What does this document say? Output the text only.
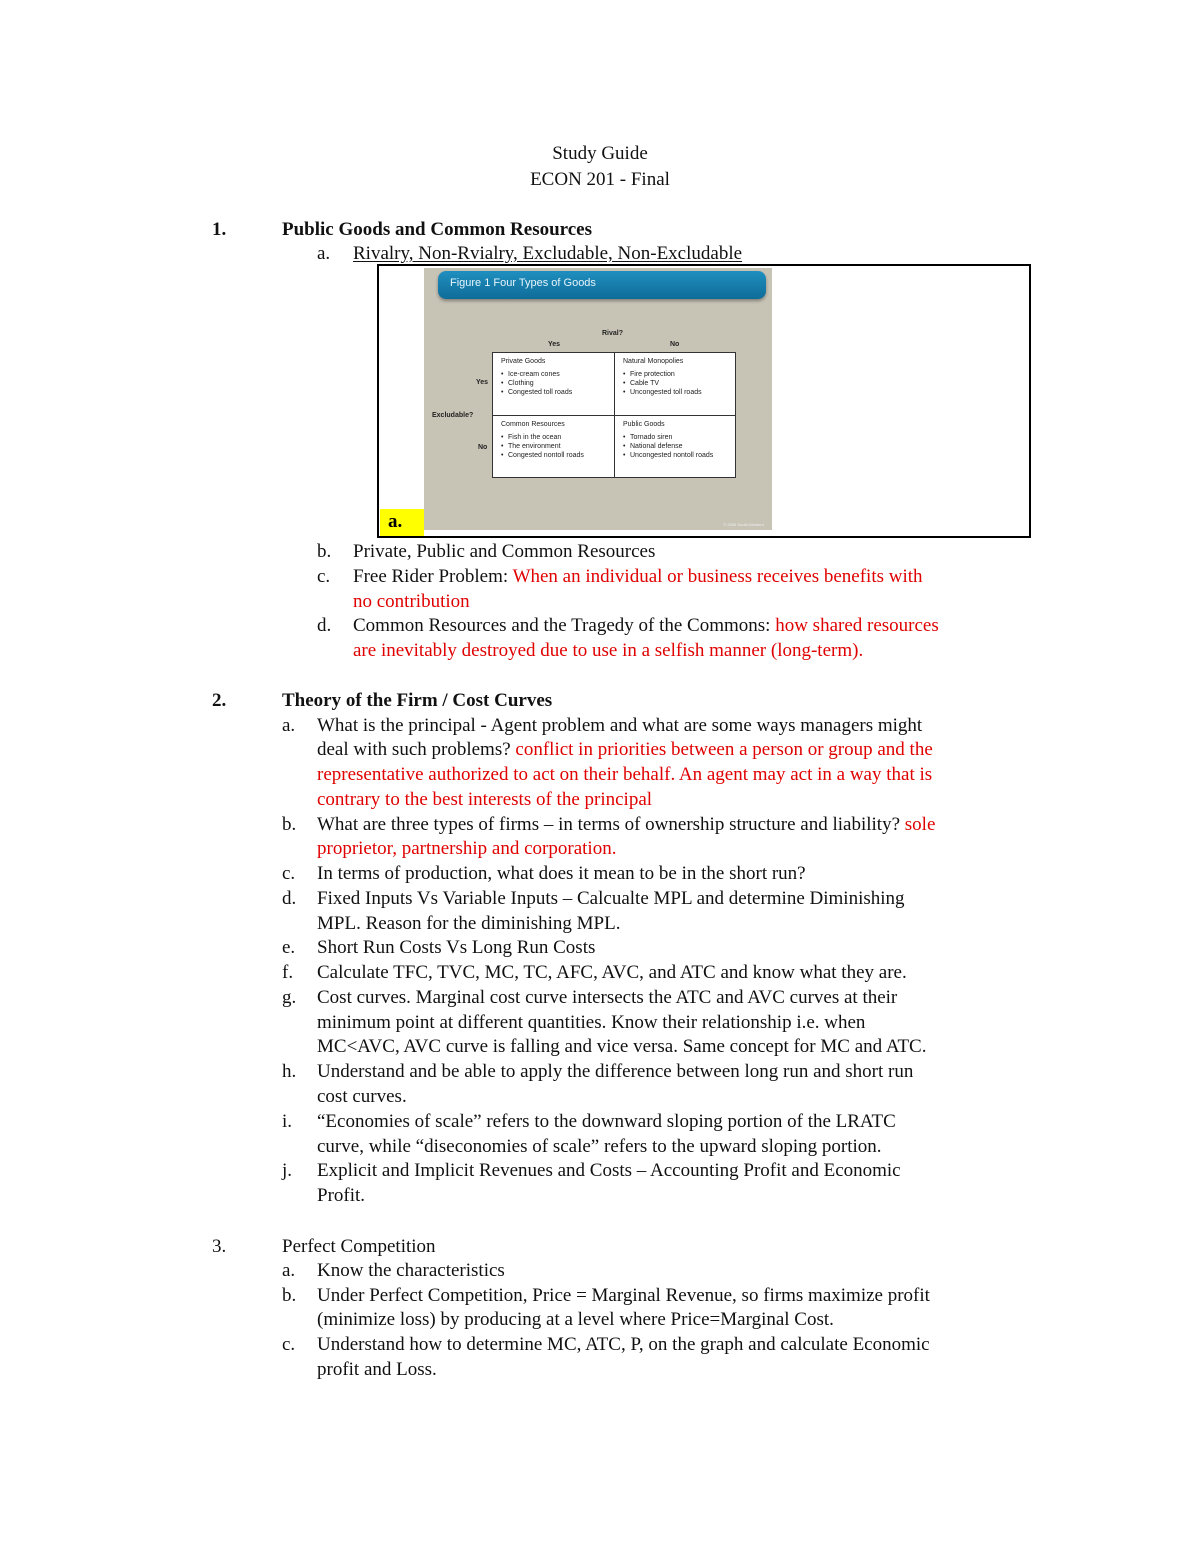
Study Guide
ECON 201 - Final
1.	Public Goods and Common Resources
a. Rivalry, Non-Rvialry, Excludable, Non-Excludable
Figure 1 Four Types of Goods
Rival?
Yes	No
Excludable?
Yes
No
Private Goods
• Ice-cream cones
• Clothing
• Congested toll roads
Natural Monopolies
• Fire protection
• Cable TV
• Uncongested toll roads
Common Resources
• Fish in the ocean
• The environment
• Congested nontoll roads
Public Goods
• Tornado siren
• National defense
• Uncongested nontoll roads
© 2009 South-Western
a.
b. Private, Public and Common Resources
c. Free Rider Problem: When an individual or business receives benefits with
no contribution
d. Common Resources and the Tragedy of the Commons: how shared resources
are inevitably destroyed due to use in a selfish manner (long-term).
2.	Theory of the Firm / Cost Curves
a. What is the principal - Agent problem and what are some ways managers might
deal with such problems? conflict in priorities between a person or group and the
representative authorized to act on their behalf. An agent may act in a way that is
contrary to the best interests of the principal
b. What are three types of firms – in terms of ownership structure and liability? sole
proprietor, partnership and corporation.
c. In terms of production, what does it mean to be in the short run?
d. Fixed Inputs Vs Variable Inputs – Calcualte MPL and determine Diminishing
MPL. Reason for the diminishing MPL.
e. Short Run Costs Vs Long Run Costs
f. Calculate TFC, TVC, MC, TC, AFC, AVC, and ATC and know what they are.
g. Cost curves. Marginal cost curve intersects the ATC and AVC curves at their
minimum point at different quantities. Know their relationship i.e. when
MC<AVC, AVC curve is falling and vice versa. Same concept for MC and ATC.
h. Understand and be able to apply the difference between long run and short run
cost curves.
i. “Economies of scale” refers to the downward sloping portion of the LRATC
curve, while “diseconomies of scale” refers to the upward sloping portion.
j. Explicit and Implicit Revenues and Costs – Accounting Profit and Economic
Profit.
3.	Perfect Competition
a. Know the characteristics
b. Under Perfect Competition, Price = Marginal Revenue, so firms maximize profit
(minimize loss) by producing at a level where Price=Marginal Cost.
c. Understand how to determine MC, ATC, P, on the graph and calculate Economic
profit and Loss.
